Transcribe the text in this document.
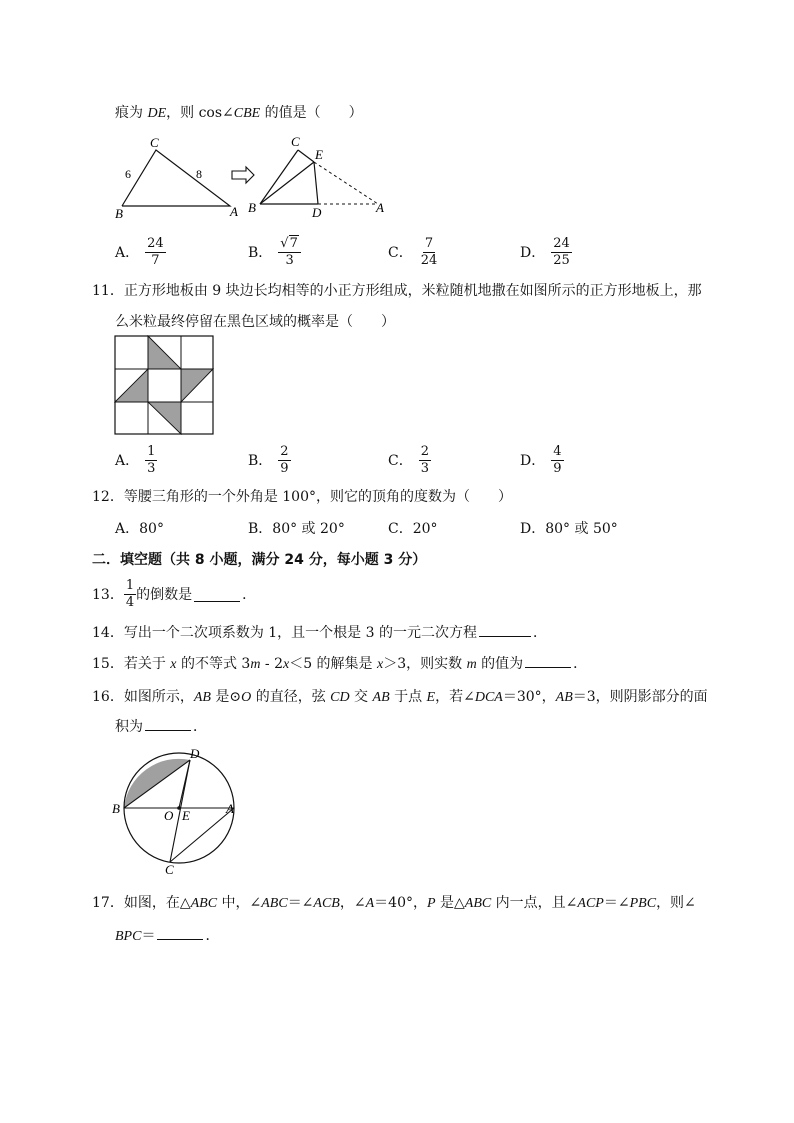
痕为 DE，则 cos∠CBE 的值是（　　）
C
B	A
6	8
C
E
B	D	A
A． $\frac{24}{7}$	B． $\frac{√7}{3}$	C． $\frac{7}{24}$	D． $\frac{24}{25}$
11．正方形地板由 9 块边长均相等的小正方形组成，米粒随机地撒在如图所示的正方形地板上，那
么米粒最终停留在黑色区域的概率是（　　）
A． $\frac{1}{3}$	B． $\frac{2}{9}$	C． $\frac{2}{3}$	D． $\frac{4}{9}$
12．等腰三角形的一个外角是 100°，则它的顶角的度数为（　　）
A．80°	B．80° 或 20°	C．20°	D．80° 或 50°
二．填空题（共 8 小题，满分 24 分，每小题 3 分）
13． $\frac{1}{4}$ 的倒数是	．
14．写出一个二次项系数为 1，且一个根是 3 的一元二次方程	．
15．若关于 x 的不等式 3m - 2x＜5 的解集是 x＞3，则实数 m 的值为	．
16．如图所示，AB 是⊙O 的直径，弦 CD 交 AB 于点 E，若∠DCA＝30°，AB＝3，则阴影部分的面
积为	．
D
B	O E	A
C
17．如图，在△ABC 中，∠ABC＝∠ACB，∠A＝40°，P 是△ABC 内一点，且∠ACP＝∠PBC，则∠
BPC＝	．
